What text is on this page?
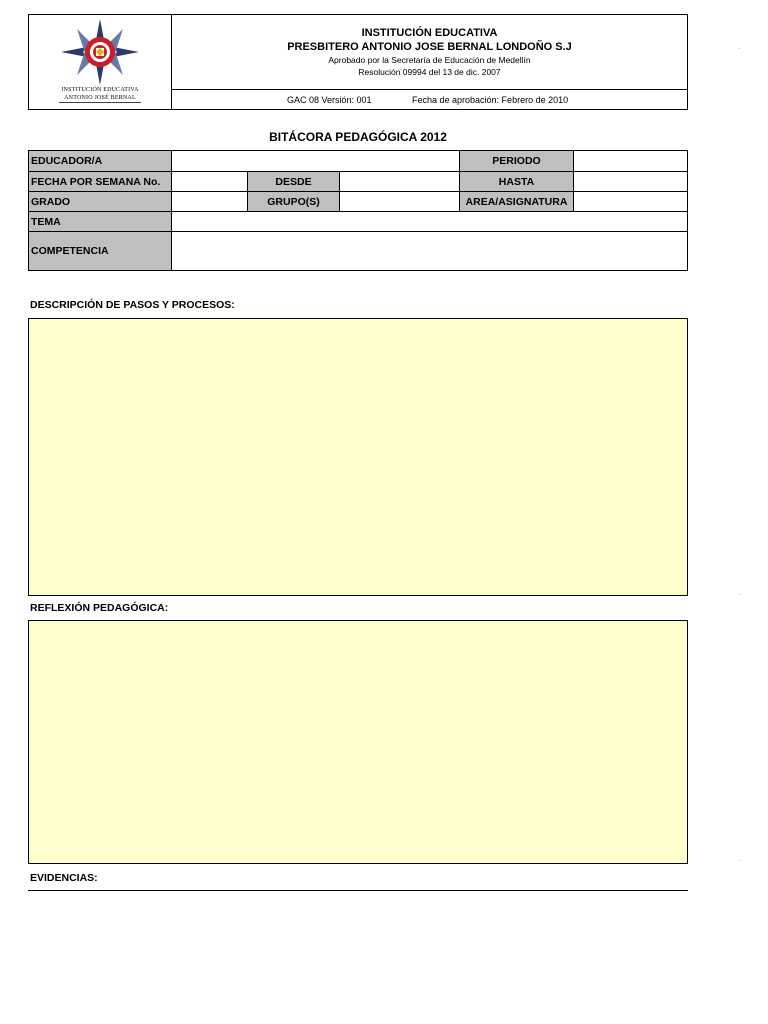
INSTITUCIÓN EDUCATIVA
ANTONIO JOSÉ BERNAL
INSTITUCIÓN EDUCATIVA
PRESBITERO ANTONIO JOSE BERNAL LONDOÑO S.J
Aprobado por la Secretaría de Educación de Medellín
Resolución 09994 del 13 de dic. 2007
GAC 08 Versión: 001	Fecha de aprobación: Febrero de 2010
BITÁCORA PEDAGÓGICA 2012
EDUCADOR/A	PERIODO
FECHA POR SEMANA No.	DESDE	HASTA
GRADO	GRUPO(S)	AREA/ASIGNATURA
TEMA
COMPETENCIA
DESCRIPCIÓN DE PASOS Y PROCESOS:
REFLEXIÓN PEDAGÓGICA:
EVIDENCIAS:
·
·
·
